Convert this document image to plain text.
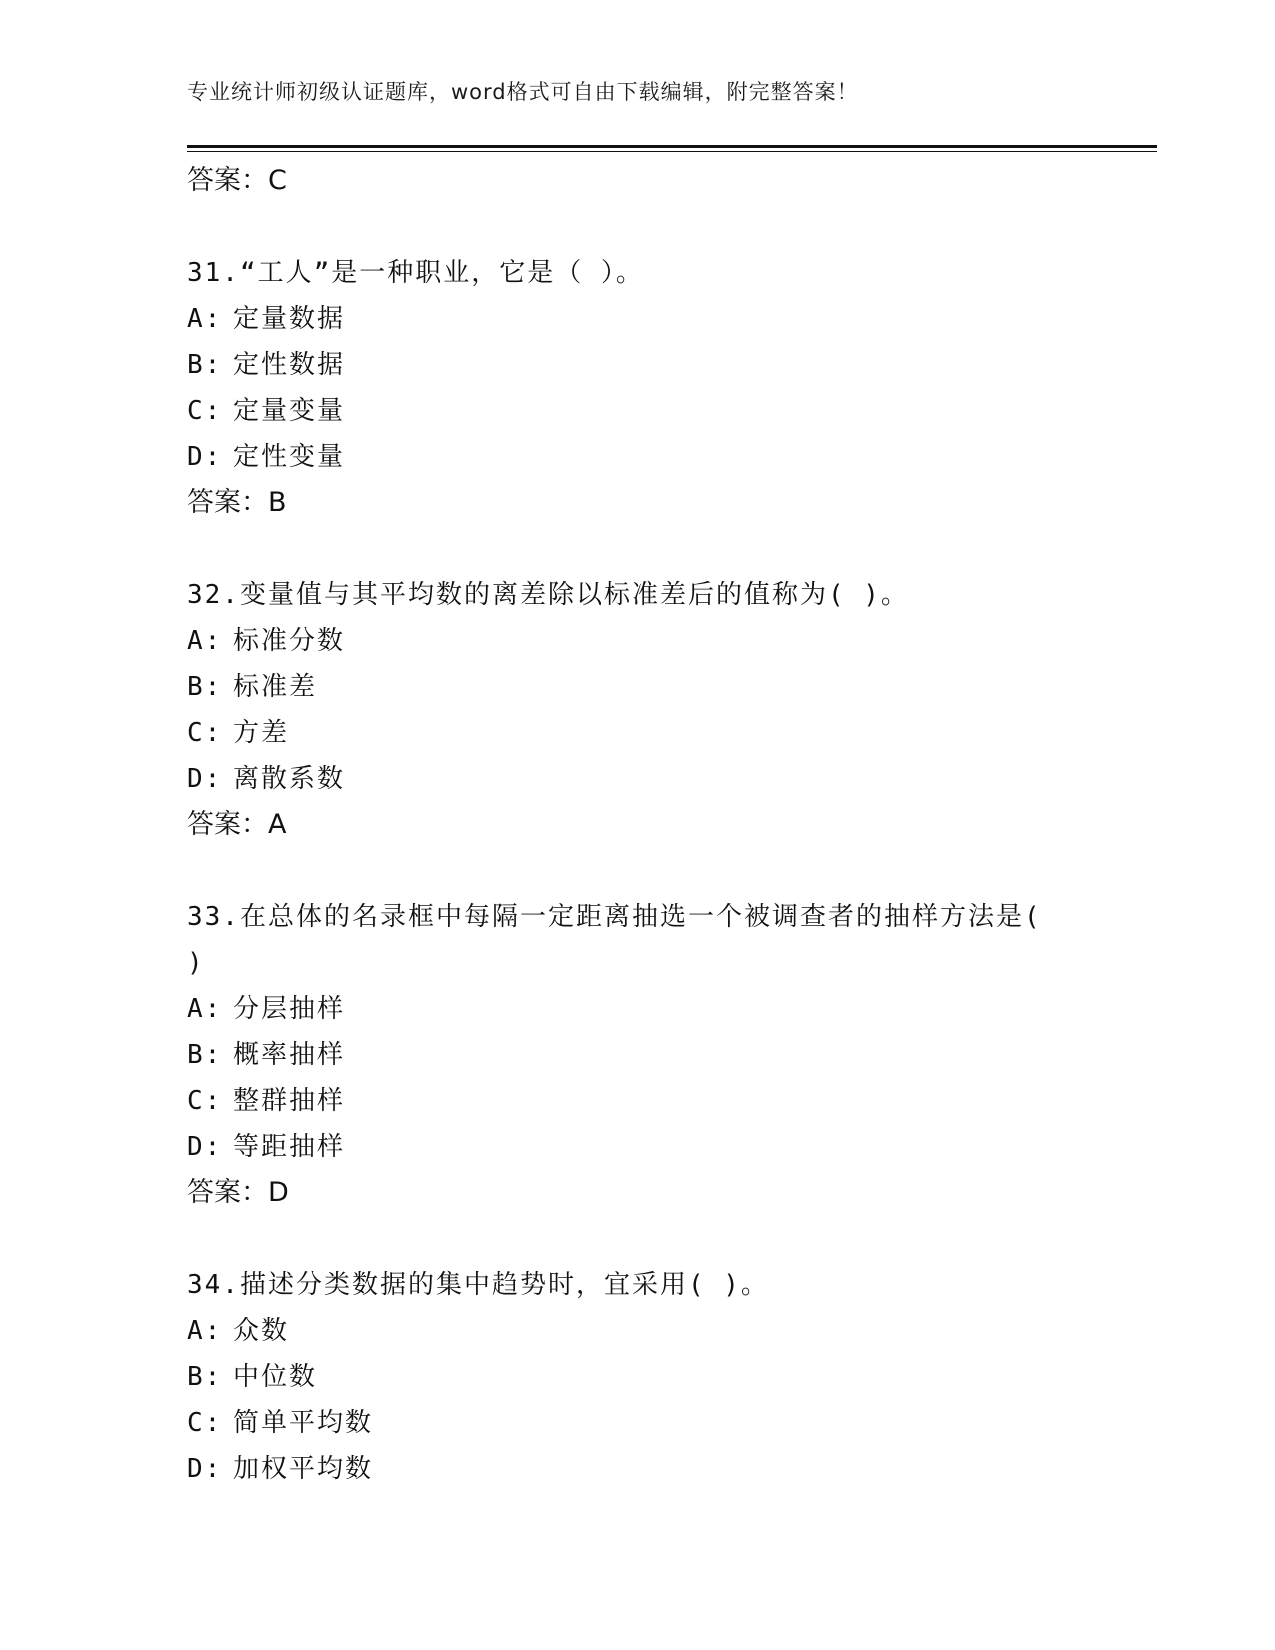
专业统计师初级认证题库，word格式可自由下载编辑，附完整答案！
答案：C
31.“工人”是一种职业，它是（ ）。
A: 定量数据
B: 定性数据
C: 定量变量
D: 定性变量
答案：B
32.变量值与其平均数的离差除以标准差后的值称为( )。
A: 标准分数
B: 标准差
C: 方差
D: 离散系数
答案：A
33.在总体的名录框中每隔一定距离抽选一个被调查者的抽样方法是( )
A: 分层抽样
B: 概率抽样
C: 整群抽样
D: 等距抽样
答案：D
34.描述分类数据的集中趋势时，宜采用( )。
A: 众数
B: 中位数
C: 简单平均数
D: 加权平均数
